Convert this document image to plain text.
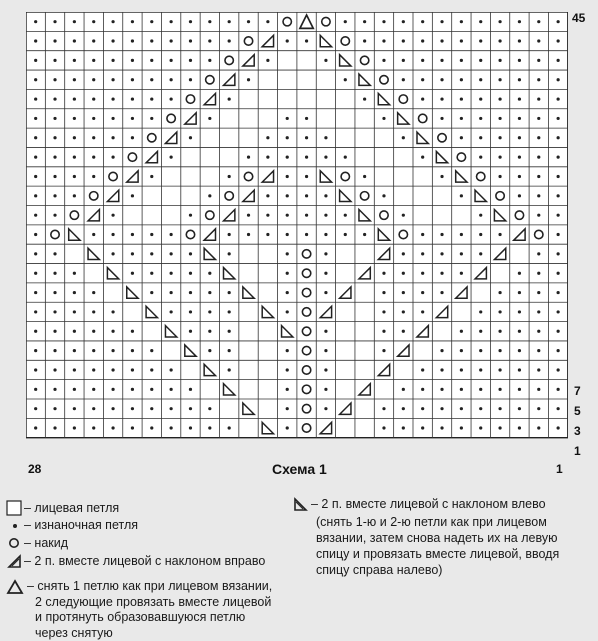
45
7
5
3
1
28	1
Схема 1
– лицевая петля
– изнаночная петля
– накид
– 2 п. вместе лицевой с наклоном вправо
– снять 1 петлю как при лицевом вязании,
2 следующие провязать вместе лицевой
и протянуть образовавшуюся петлю
через снятую
– 2 п. вместе лицевой с наклоном влево
(снять 1-ю и 2-ю петли как при лицевом
вязании, затем снова надеть их на левую
спицу и провязать вместе лицевой, вводя
спицу справа налево)
